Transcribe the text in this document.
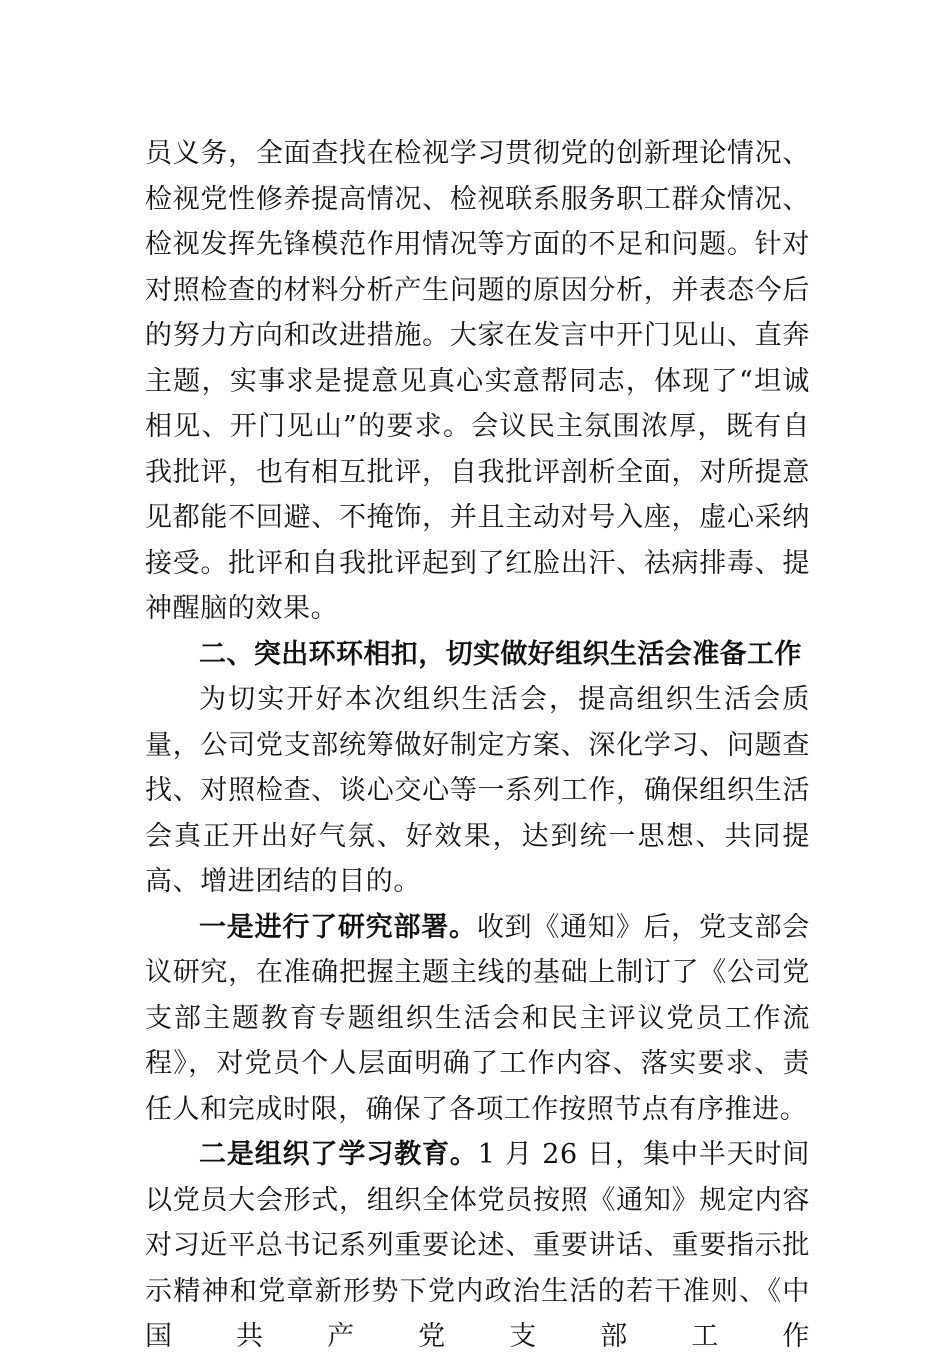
员义务，全面查找在检视学习贯彻党的创新理论情况、检视党性修养提高情况、检视联系服务职工群众情况、检视发挥先锋模范作用情况等方面的不足和问题。针对对照检查的材料分析产生问题的原因分析，并表态今后的努力方向和改进措施。大家在发言中开门见山、直奔主题，实事求是提意见真心实意帮同志，体现了“坦诚相见、开门见山”的要求。会议民主氛围浓厚，既有自我批评，也有相互批评，自我批评剖析全面，对所提意见都能不回避、不掩饰，并且主动对号入座，虚心采纳接受。批评和自我批评起到了红脸出汗、祛病排毒、提神醒脑的效果。

二、突出环环相扣，切实做好组织生活会准备工作

为切实开好本次组织生活会，提高组织生活会质量，公司党支部统筹做好制定方案、深化学习、问题查找、对照检查、谈心交心等一系列工作，确保组织生活会真正开出好气氛、好效果，达到统一思想、共同提高、增进团结的目的。

一是进行了研究部署。收到《通知》后，党支部会议研究，在准确把握主题主线的基础上制订了《公司党支部主题教育专题组织生活会和民主评议党员工作流程》，对党员个人层面明确了工作内容、落实要求、责任人和完成时限，确保了各项工作按照节点有序推进。

二是组织了学习教育。1 月 26 日，集中半天时间以党员大会形式，组织全体党员按照《通知》规定内容对习近平总书记系列重要论述、重要讲话、重要指示批示精神和党章新形势下党内政治生活的若干准则、《中国共产党支部工作
